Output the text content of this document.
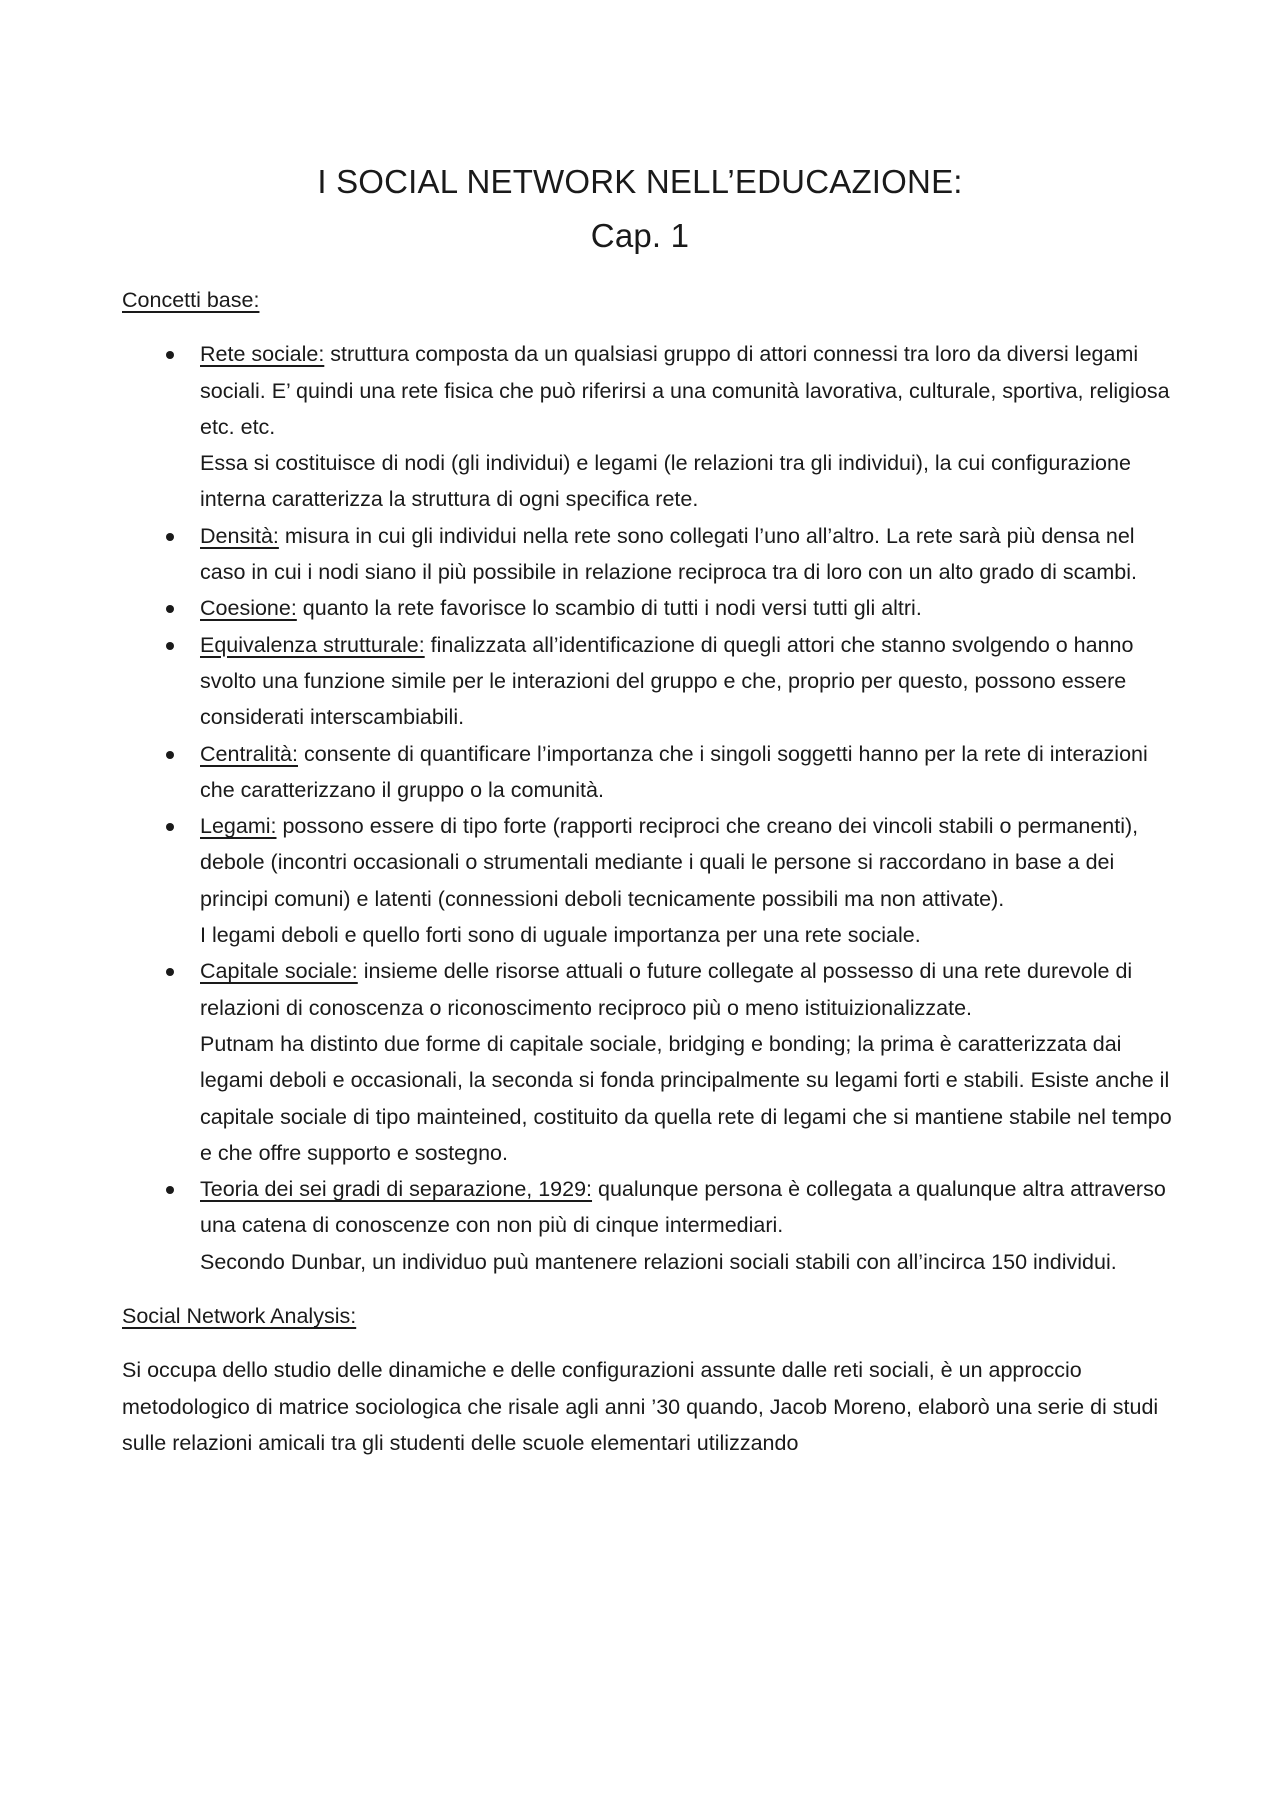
I SOCIAL NETWORK NELL’EDUCAZIONE:
Cap. 1

Concetti base:

Rete sociale: struttura composta da un qualsiasi gruppo di attori connessi tra loro da diversi legami sociali. E’ quindi una rete fisica che può riferirsi a una comunità lavorativa, culturale, sportiva, religiosa etc. etc.
Essa si costituisce di nodi (gli individui) e legami (le relazioni tra gli individui), la cui configurazione interna caratterizza la struttura di ogni specifica rete.
Densità: misura in cui gli individui nella rete sono collegati l’uno all’altro. La rete sarà più densa nel caso in cui i nodi siano il più possibile in relazione reciproca tra di loro con un alto grado di scambi.
Coesione: quanto la rete favorisce lo scambio di tutti i nodi versi tutti gli altri.
Equivalenza strutturale: finalizzata all’identificazione di quegli attori che stanno svolgendo o hanno svolto una funzione simile per le interazioni del gruppo e che, proprio per questo, possono essere considerati interscambiabili.
Centralità: consente di quantificare l’importanza che i singoli soggetti hanno per la rete di interazioni che caratterizzano il gruppo o la comunità.
Legami: possono essere di tipo forte (rapporti reciproci che creano dei vincoli stabili o permanenti), debole (incontri occasionali o strumentali mediante i quali le persone si raccordano in base a dei principi comuni) e latenti (connessioni deboli tecnicamente possibili ma non attivate).
I legami deboli e quello forti sono di uguale importanza per una rete sociale.
Capitale sociale: insieme delle risorse attuali o future collegate al possesso di una rete durevole di relazioni di conoscenza o riconoscimento reciproco più o meno istituizionalizzate.
Putnam ha distinto due forme di capitale sociale, bridging e bonding; la prima è caratterizzata dai legami deboli e occasionali, la seconda si fonda principalmente su legami forti e stabili. Esiste anche il capitale sociale di tipo mainteined, costituito da quella rete di legami che si mantiene stabile nel tempo e che offre supporto e sostegno.
Teoria dei sei gradi di separazione, 1929: qualunque persona è collegata a qualunque altra attraverso una catena di conoscenze con non più di cinque intermediari.
Secondo Dunbar, un individuo puù mantenere relazioni sociali stabili con all’incirca 150 individui.

Social Network Analysis:

Si occupa dello studio delle dinamiche e delle configurazioni assunte dalle reti sociali, è un approccio metodologico di matrice sociologica che risale agli anni ’30 quando, Jacob Moreno, elaborò una serie di studi sulle relazioni amicali tra gli studenti delle scuole elementari utilizzando
